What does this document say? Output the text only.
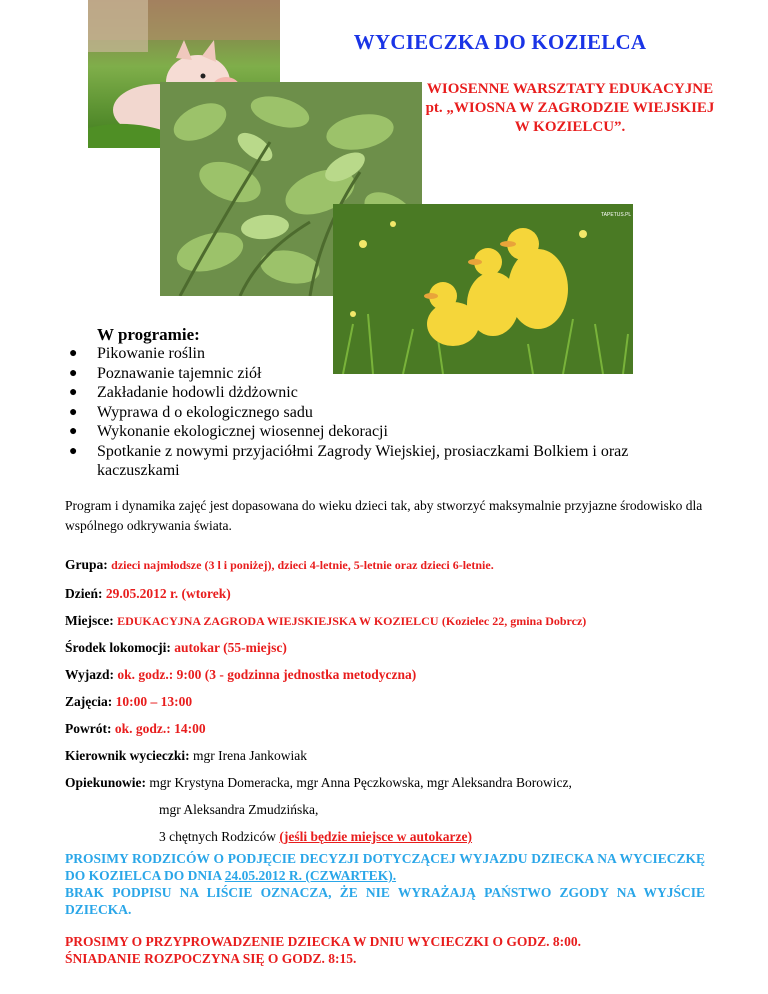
TAPETUS.PL
WYCIECZKA DO KOZIELCA
WIOSENNE WARSZTATY EDUKACYJNE pt. „WIOSNA W ZAGRODZIE WIEJSKIEJ W KOZIELCU”.
W programie:
● Pikowanie roślin
● Poznawanie tajemnic ziół
● Zakładanie hodowli dżdżownic
● Wyprawa d o ekologicznego sadu
● Wykonanie ekologicznej wiosennej dekoracji
● Spotkanie z nowymi przyjaciółmi Zagrody Wiejskiej, prosiaczkami Bolkiem i oraz kaczuszkami
Program i dynamika zajęć jest dopasowana do wieku dzieci tak, aby stworzyć maksymalnie przyjazne środowisko dla wspólnego odkrywania świata.
Grupa: dzieci najmłodsze (3 l i poniżej), dzieci 4-letnie, 5-letnie oraz dzieci 6-letnie.
Dzień: 29.05.2012 r. (wtorek)
Miejsce: EDUKACYJNA ZAGRODA WIEJSKIEJSKA W KOZIELCU (Kozielec 22, gmina Dobrcz)
Środek lokomocji: autokar (55-miejsc)
Wyjazd: ok. godz.: 9:00 (3 - godzinna jednostka metodyczna)
Zajęcia: 10:00 – 13:00
Powrót: ok. godz.: 14:00
Kierownik wycieczki: mgr Irena Jankowiak
Opiekunowie: mgr Krystyna Domeracka, mgr Anna Pęczkowska, mgr Aleksandra Borowicz,
mgr Aleksandra Zmudzińska,
3 chętnych Rodziców (jeśli będzie miejsce w autokarze)
PROSIMY RODZICÓW O PODJĘCIE DECYZJI DOTYCZĄCEJ WYJAZDU DZIECKA NA WYCIECZKĘ DO KOZIELCA DO DNIA 24.05.2012 R. (CZWARTEK).
BRAK PODPISU NA LIŚCIE OZNACZA, ŻE NIE WYRAŻAJĄ PAŃSTWO ZGODY NA WYJŚCIE DZIECKA.
PROSIMY O PRZYPROWADZENIE DZIECKA W DNIU WYCIECZKI O GODZ. 8:00.
ŚNIADANIE ROZPOCZYNA SIĘ O GODZ. 8:15.
